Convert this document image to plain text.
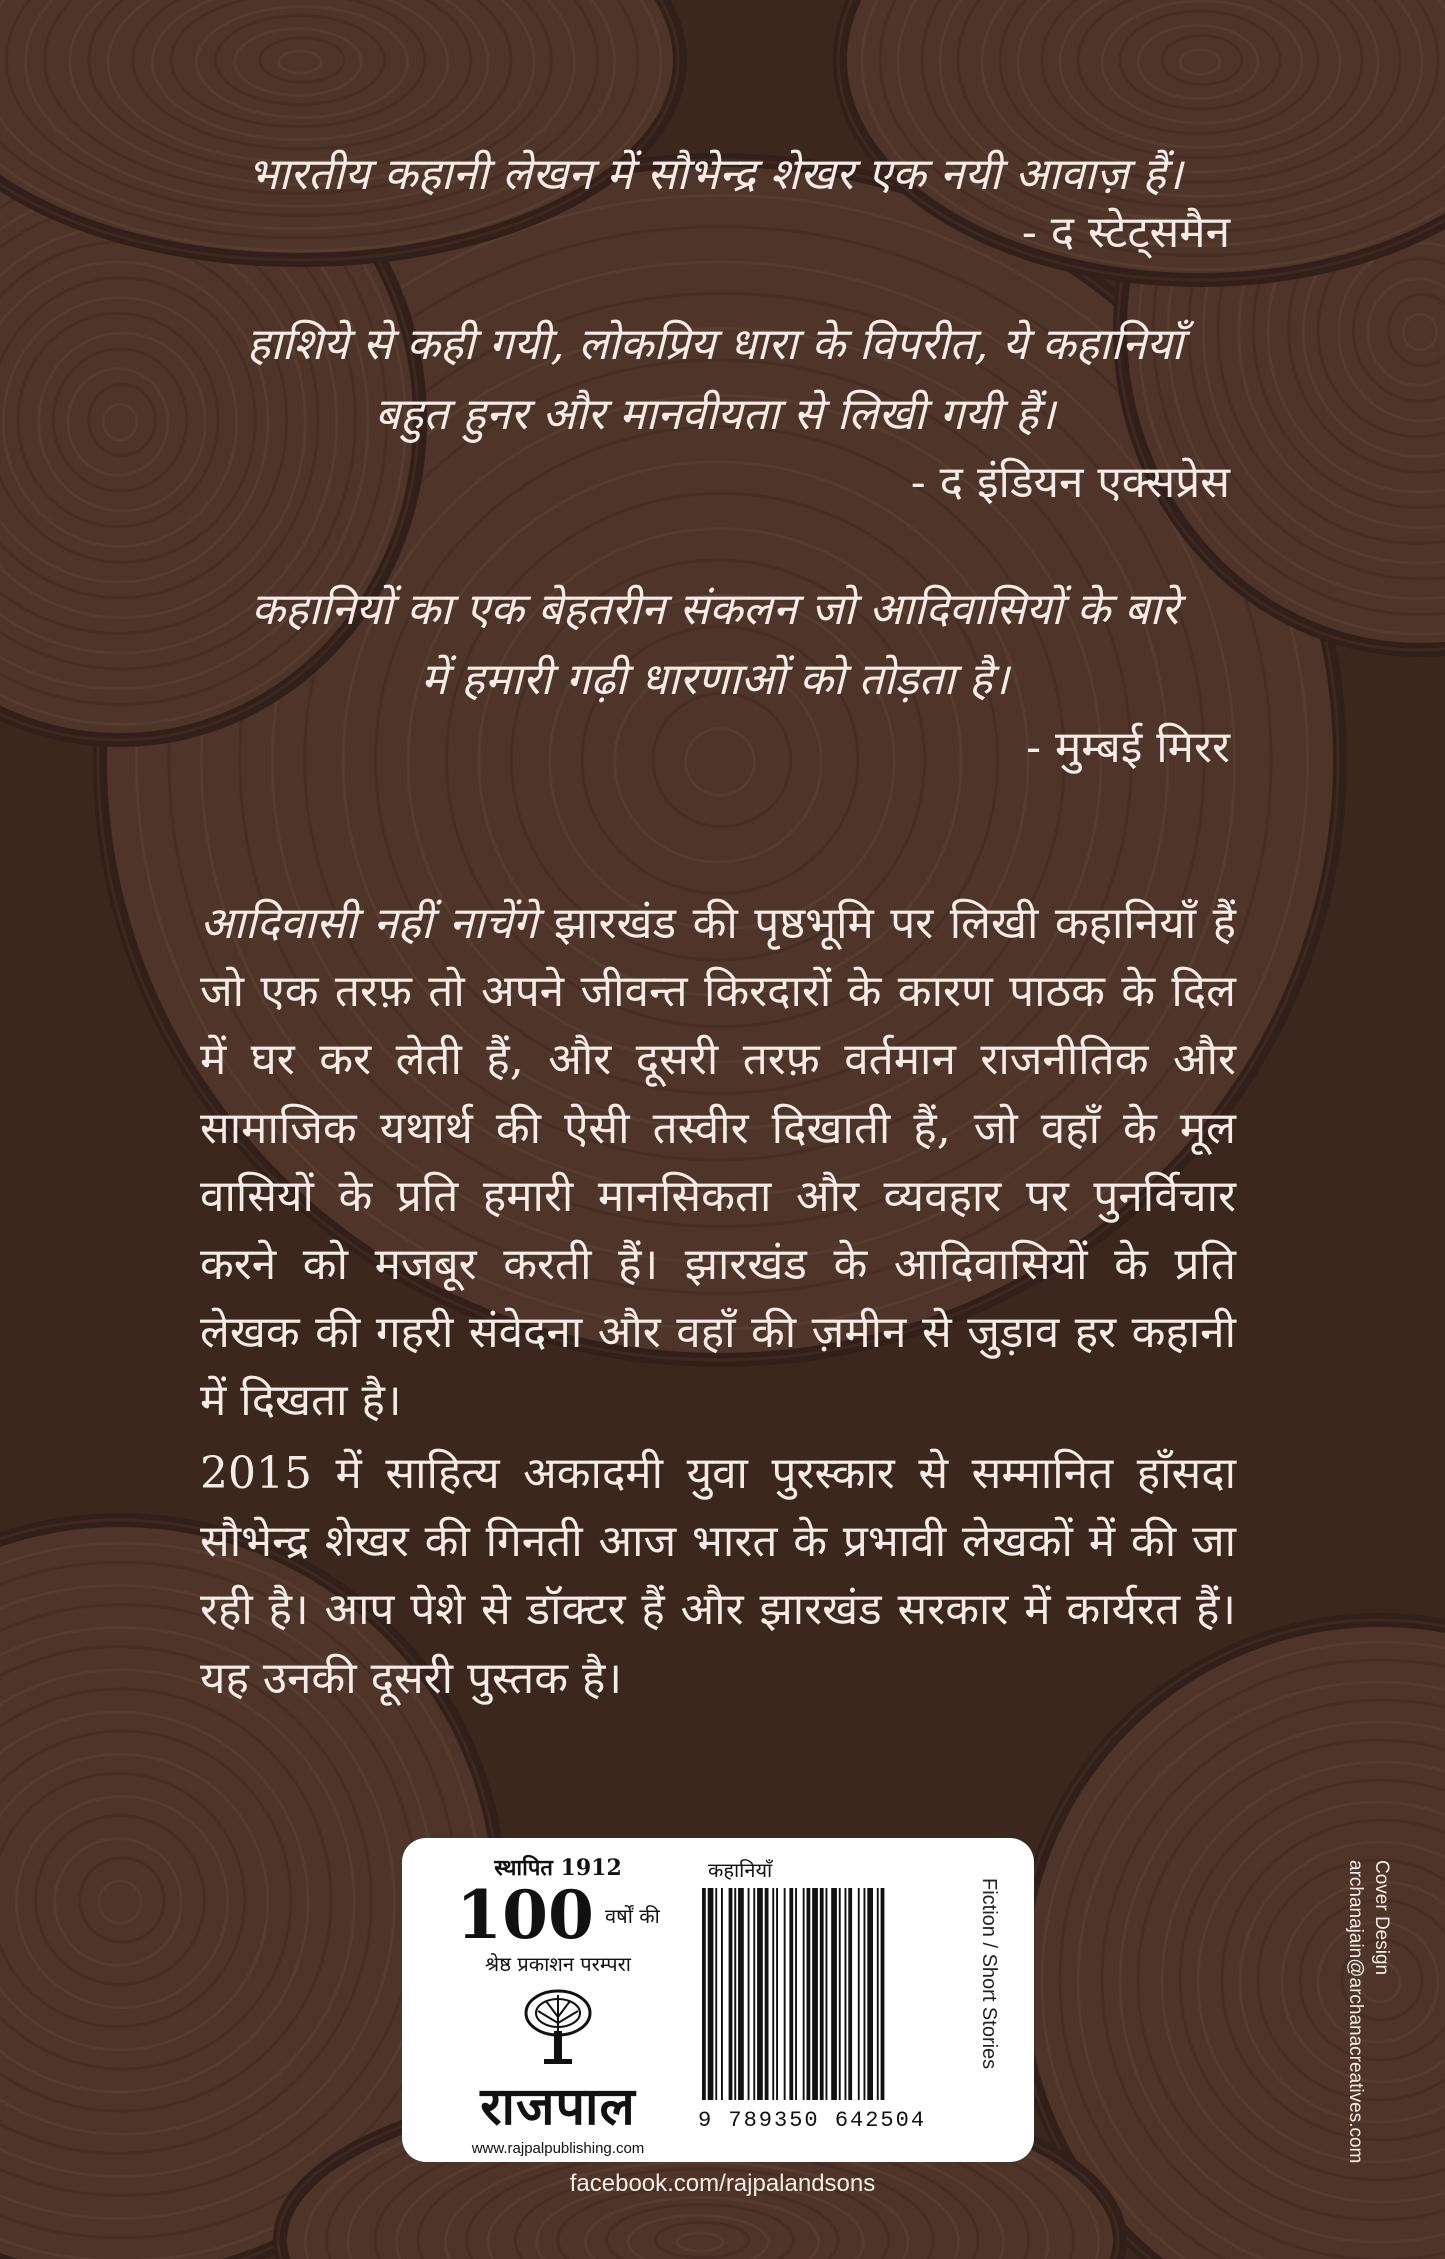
भारतीय कहानी लेखन में सौभेन्द्र शेखर एक नयी आवाज़ हैं।

- द स्टेट्समैन

हाशिये से कही गयी, लोकप्रिय धारा के विपरीत, ये कहानियाँ

बहुत हुनर और मानवीयता से लिखी गयी हैं।

- द इंडियन एक्सप्रेस

कहानियों का एक बेहतरीन संकलन जो आदिवासियों के बारे

में हमारी गढ़ी धारणाओं को तोड़ता है।

- मुम्बई मिरर
आदिवासी नहीं नाचेंगे झारखंड की पृष्ठभूमि पर लिखी कहानियाँ हैं जो एक तरफ़ तो अपने जीवन्त किरदारों के कारण पाठक के दिल में घर कर लेती हैं, और दूसरी तरफ़ वर्तमान राजनीतिक और सामाजिक यथार्थ की ऐसी तस्वीर दिखाती हैं, जो वहाँ के मूल वासियों के प्रति हमारी मानसिकता और व्यवहार पर पुनर्विचार करने को मजबूर करती हैं। झारखंड के आदिवासियों के प्रति लेखक की गहरी संवेदना और वहाँ की ज़मीन से जुड़ाव हर कहानी में दिखता है।
2015 में साहित्य अकादमी युवा पुरस्कार से सम्मानित हाँसदा सौभेन्द्र शेखर की गिनती आज भारत के प्रभावी लेखकों में की जा रही है। आप पेशे से डॉक्टर हैं और झारखंड सरकार में कार्यरत हैं। यह उनकी दूसरी पुस्तक है।
स्थापित 1912
100 वर्षों की
श्रेष्ठ प्रकाशन परम्परा
राजपाल
www.rajpalpublishing.com
कहानियाँ
9 789350 642504
Fiction / Short Stories	Cover Design
archanajain@archanacreatives.com
facebook.com/rajpalandsons
